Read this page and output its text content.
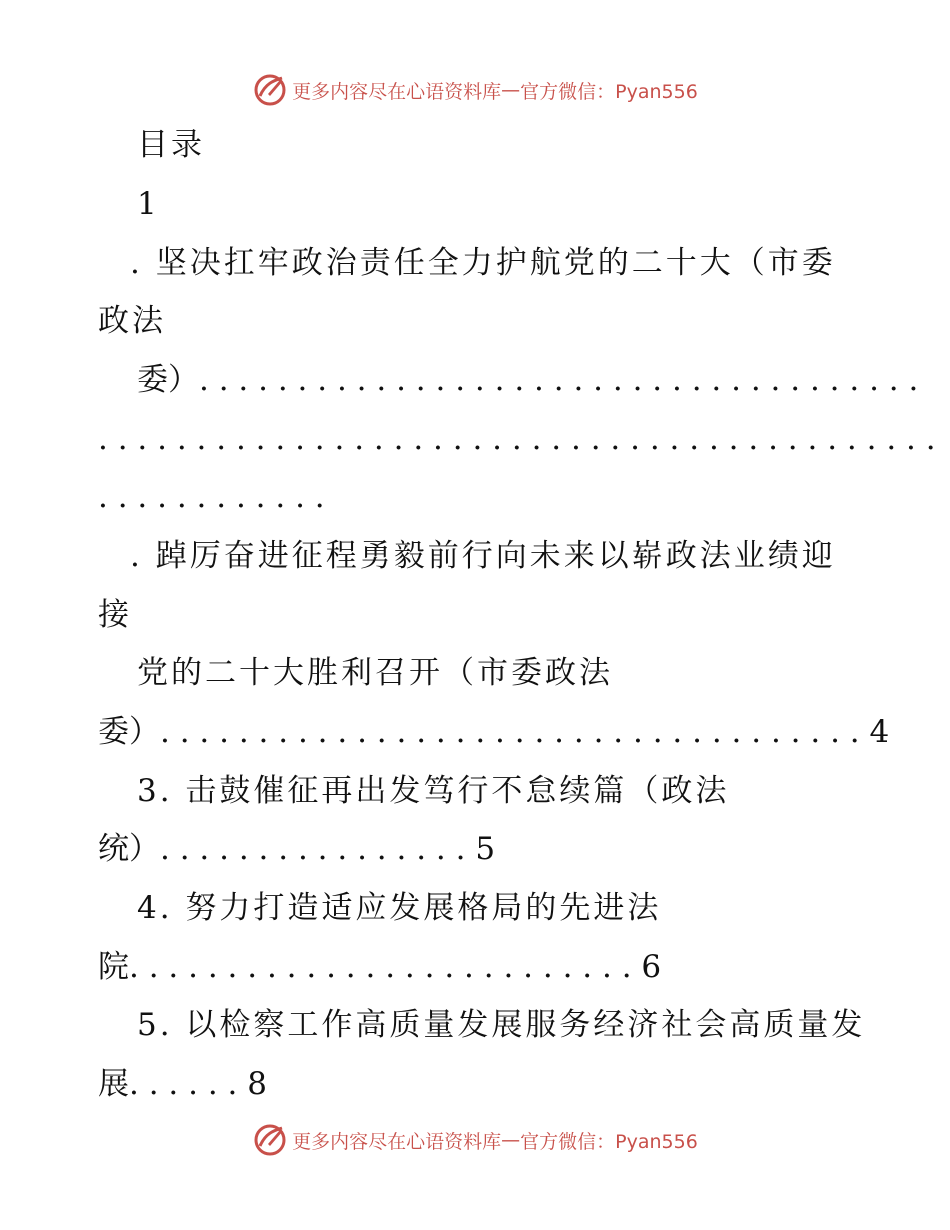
更多内容尽在心语资料库 — 官方微信：Pyan556
目录
1
. 坚决扛牢政治责任全力护航党的二十大（市委
政法
委）. . . . . . . . . . . . . . . . . . . . . . . . . . . . . . . . . . . . .
. . . . . . . . . . . . . . . . . . . . . . . . . . . . . . . . . . . . . . . . . . .
. . . . . . . . . . . .
. 踔厉奋进征程勇毅前行向未来以崭政法业绩迎
接
党的二十大胜利召开（市委政法
委）. . . . . . . . . . . . . . . . . . . . . . . . . . . . . . . . . . . . 4
3. 击鼓催征再出发笃行不怠续篇（政法
统）. . . . . . . . . . . . . . . . 5
4. 努力打造适应发展格局的先进法
院. . . . . . . . . . . . . . . . . . . . . . . . . . 6
5. 以检察工作高质量发展服务经济社会高质量发
展. . . . . . 8
更多内容尽在心语资料库 — 官方微信：Pyan556
